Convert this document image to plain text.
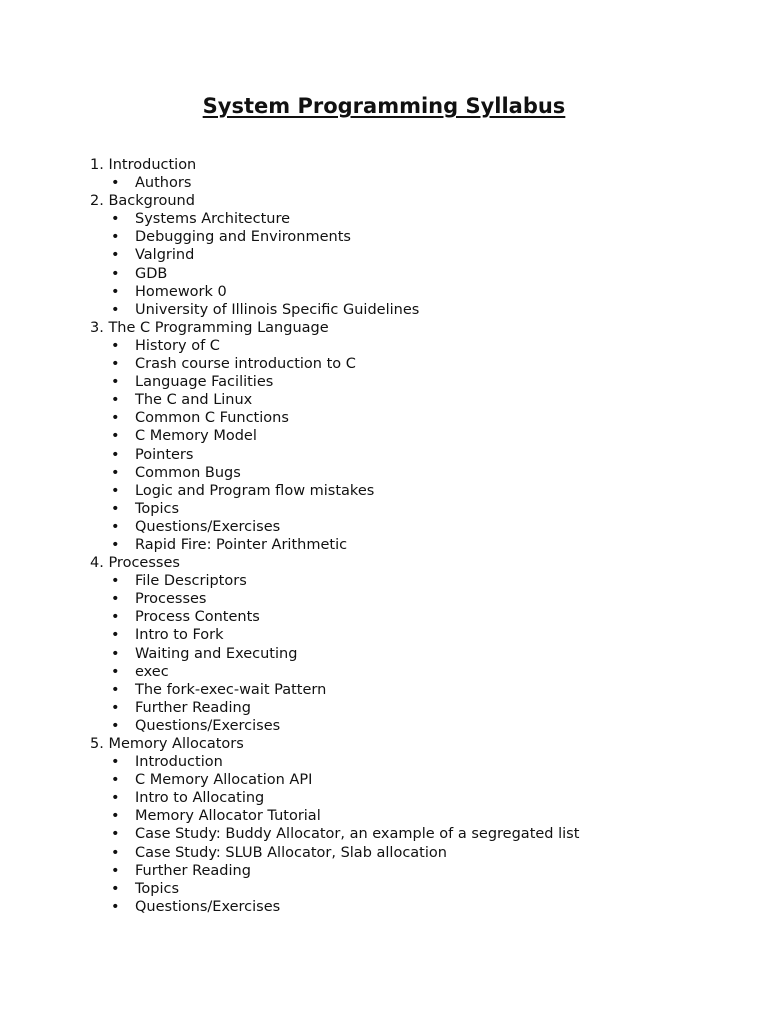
System Programming Syllabus
1. Introduction
• Authors
2. Background
• Systems Architecture
• Debugging and Environments
• Valgrind
• GDB
• Homework 0
• University of Illinois Specific Guidelines
3. The C Programming Language
• History of C
• Crash course introduction to C
• Language Facilities
• The C and Linux
• Common C Functions
• C Memory Model
• Pointers
• Common Bugs
• Logic and Program flow mistakes
• Topics
• Questions/Exercises
• Rapid Fire: Pointer Arithmetic
4. Processes
• File Descriptors
• Processes
• Process Contents
• Intro to Fork
• Waiting and Executing
• exec
• The fork-exec-wait Pattern
• Further Reading
• Questions/Exercises
5. Memory Allocators
• Introduction
• C Memory Allocation API
• Intro to Allocating
• Memory Allocator Tutorial
• Case Study: Buddy Allocator, an example of a segregated list
• Case Study: SLUB Allocator, Slab allocation
• Further Reading
• Topics
• Questions/Exercises
